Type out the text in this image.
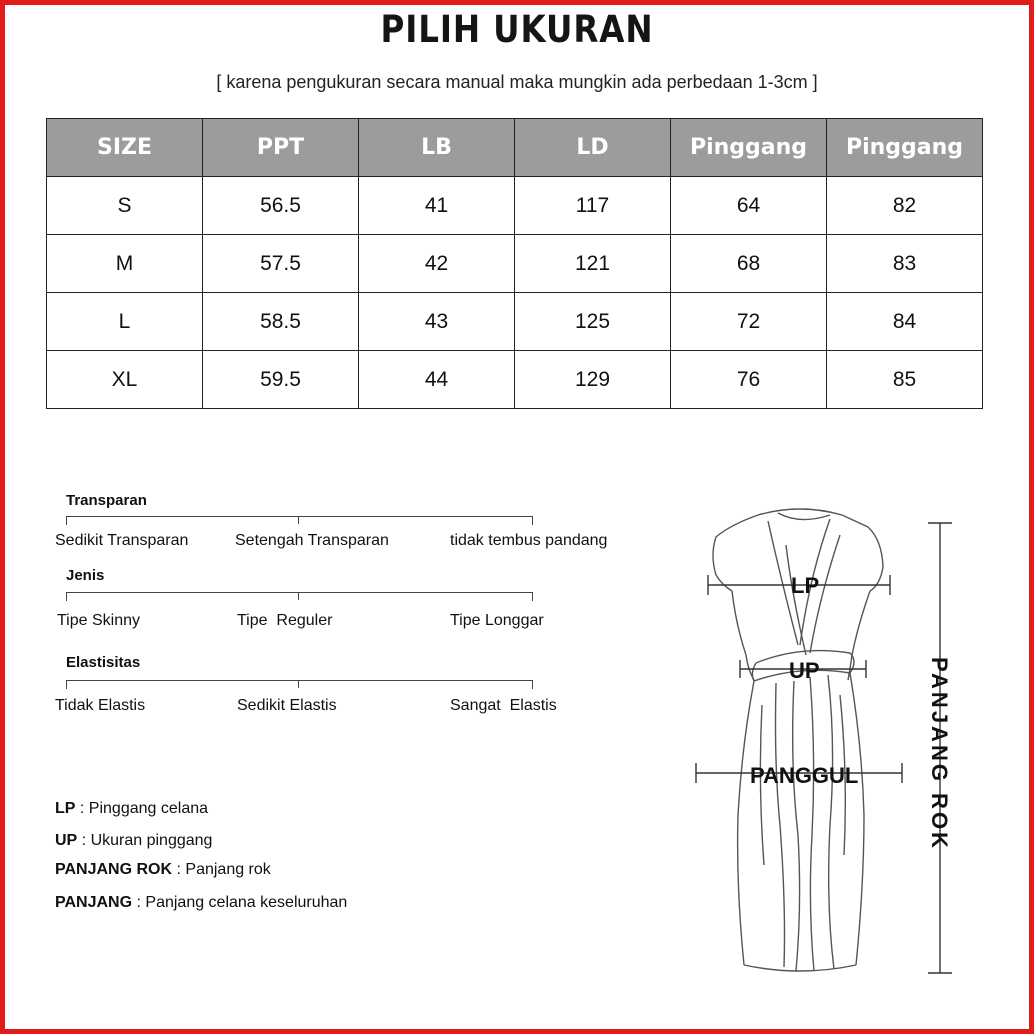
PILIH UKURAN
[ karena pengukuran secara manual maka mungkin ada perbedaan 1-3cm ]
SIZE	PPT	LB	LD	Pinggang	Pinggang
S	56.5	41	117	64	82
M	57.5	42	121	68	83
L	58.5	43	125	72	84
XL	59.5	44	129	76	85
Transparan
Sedikit Transparan	Setengah Transparan	tidak tembus pandang
Jenis
Tipe Skinny	Tipe  Reguler	Tipe Longgar
Elastisitas
Tidak Elastis	Sedikit Elastis	Sangat  Elastis
LP : Pinggang celana
UP : Ukuran pinggang
PANJANG ROK : Panjang rok
PANJANG : Panjang celana keseluruhan
LP
UP
PANGGUL	PANJANG ROK
